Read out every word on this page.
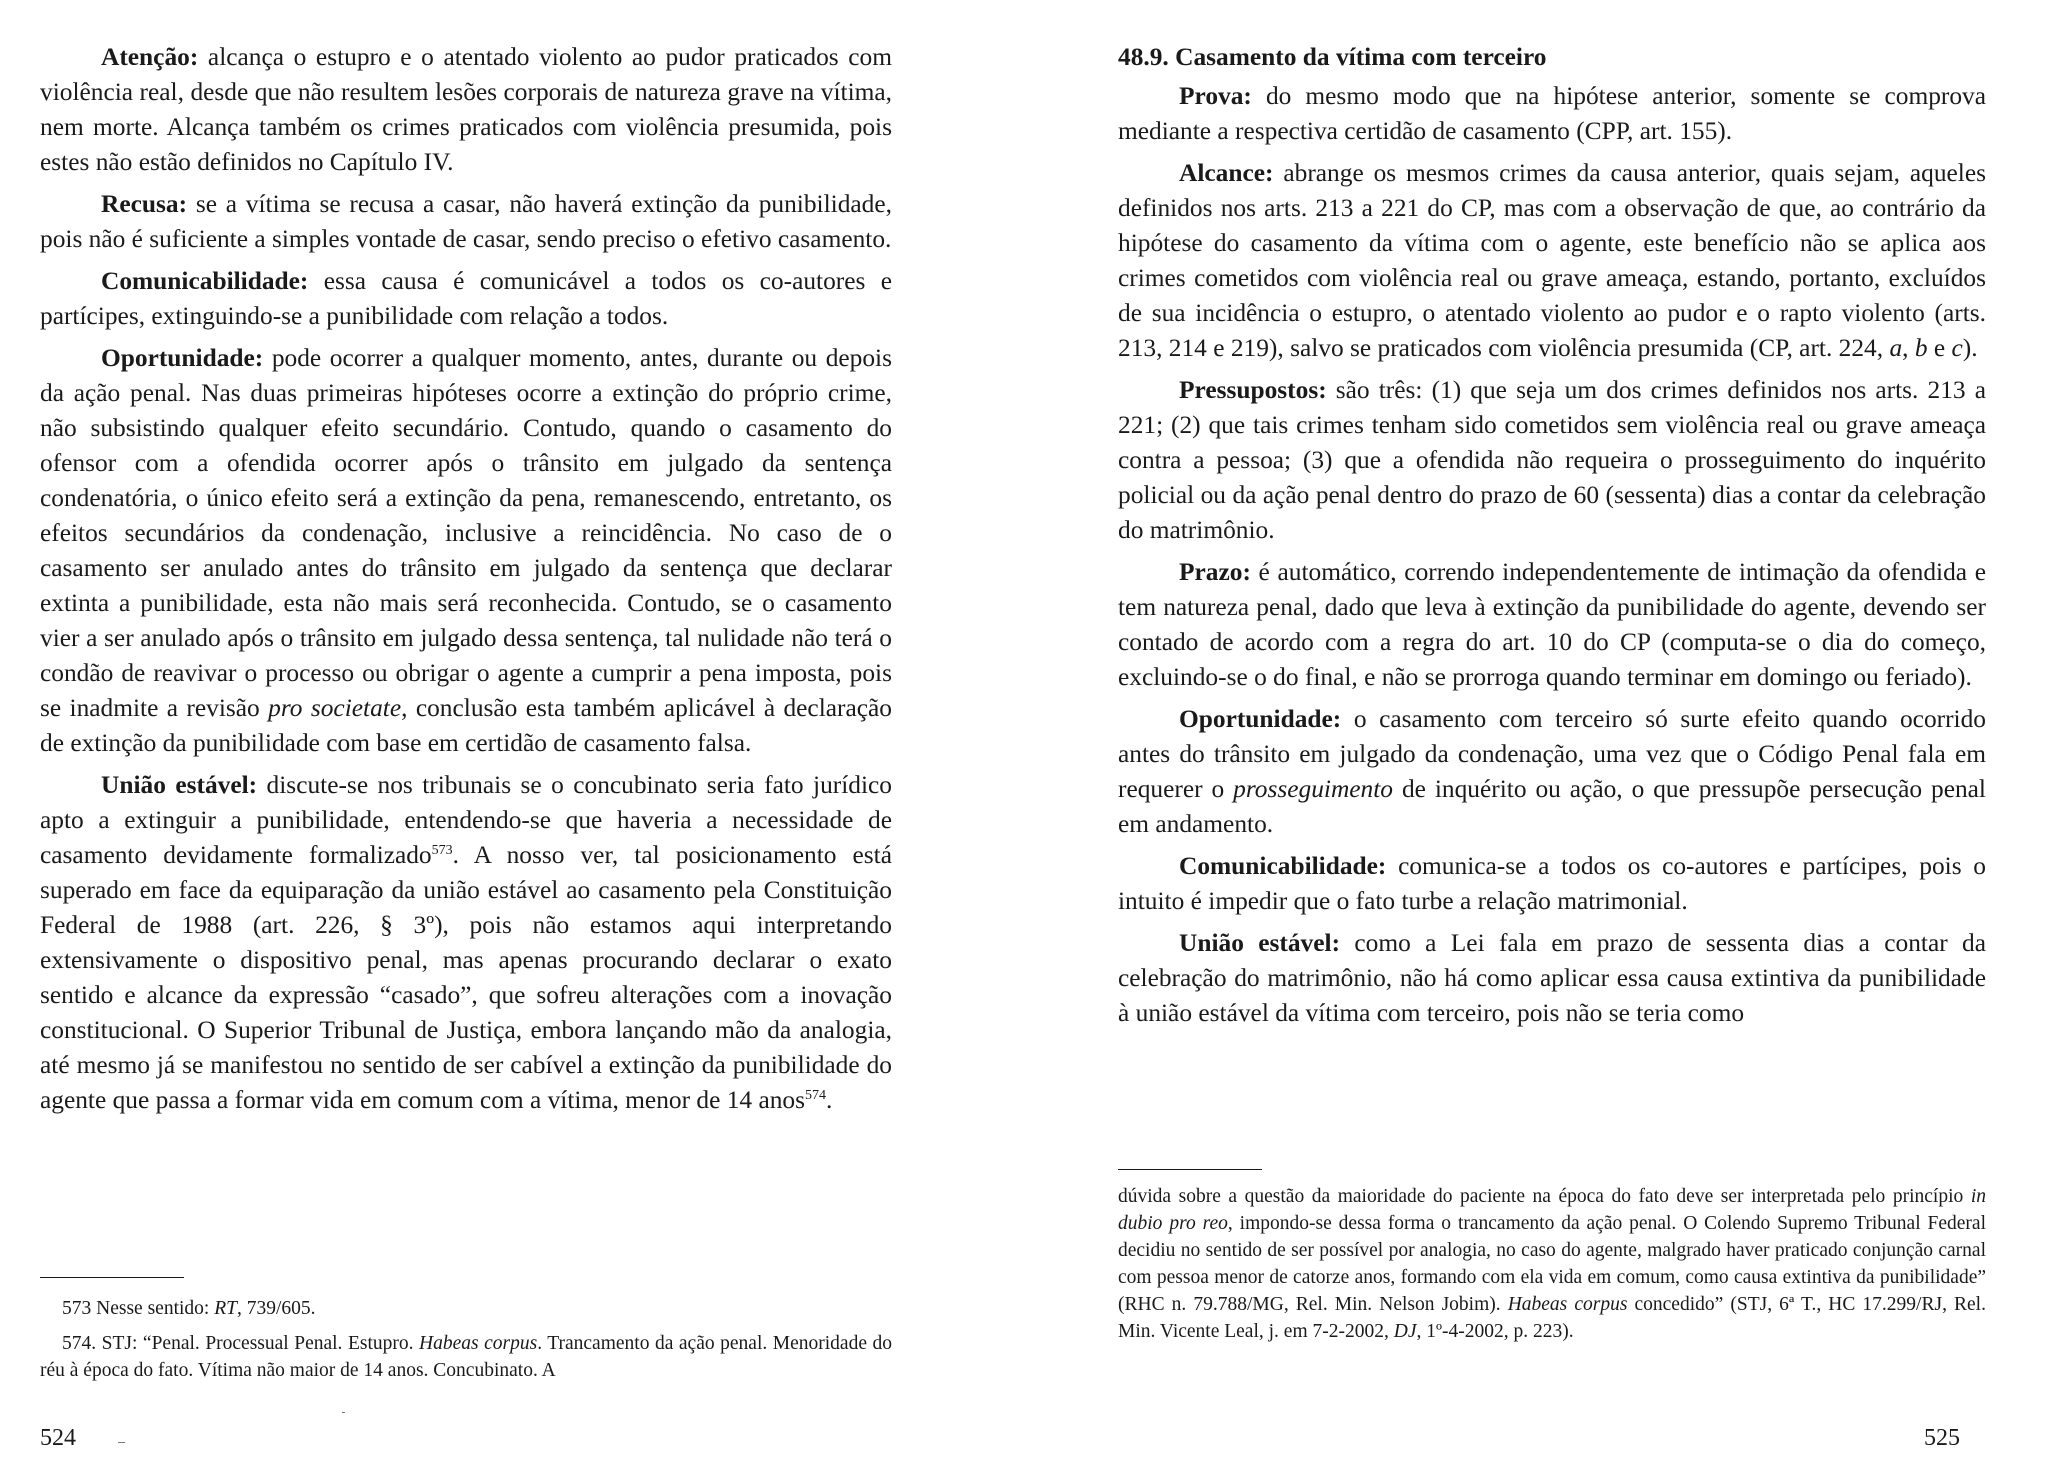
Atenção: alcança o estupro e o atentado violento ao pudor praticados com violência real, desde que não resultem lesões corporais de natureza grave na vítima, nem morte. Alcança também os crimes praticados com violência presumida, pois estes não estão definidos no Capítulo IV.

Recusa: se a vítima se recusa a casar, não haverá extinção da punibilidade, pois não é suficiente a simples vontade de casar, sendo preciso o efetivo casamento.

Comunicabilidade: essa causa é comunicável a todos os co-autores e partícipes, extinguindo-se a punibilidade com relação a todos.

Oportunidade: pode ocorrer a qualquer momento, antes, durante ou depois da ação penal. Nas duas primeiras hipóteses ocorre a extinção do próprio crime, não subsistindo qualquer efeito secundário. Contudo, quando o casamento do ofensor com a ofendida ocorrer após o trânsito em julgado da sentença condenatória, o único efeito será a extinção da pena, remanescendo, entretanto, os efeitos secundários da condenação, inclusive a reincidência. No caso de o casamento ser anulado antes do trânsito em julgado da sentença que declarar extinta a punibilidade, esta não mais será reconhecida. Contudo, se o casamento vier a ser anulado após o trânsito em julgado dessa sentença, tal nulidade não terá o condão de reavivar o processo ou obrigar o agente a cumprir a pena imposta, pois se inadmite a revisão pro societate, conclusão esta também aplicável à declaração de extinção da punibilidade com base em certidão de casamento falsa.

União estável: discute-se nos tribunais se o concubinato seria fato jurídico apto a extinguir a punibilidade, entendendo-se que haveria a necessidade de casamento devidamente formalizado$^{573}$. A nosso ver, tal posicionamento está superado em face da equiparação da união estável ao casamento pela Constituição Federal de 1988 (art. 226, § 3º), pois não estamos aqui interpretando extensivamente o dispositivo penal, mas apenas procurando declarar o exato sentido e alcance da expressão “casado”, que sofreu alterações com a inovação constitucional. O Superior Tribunal de Justiça, embora lançando mão da analogia, até mesmo já se manifestou no sentido de ser cabível a extinção da punibilidade do agente que passa a formar vida em comum com a vítima, menor de 14 anos$^{574}$.

573 Nesse sentido: RT, 739/605.

574. STJ: “Penal. Processual Penal. Estupro. Habeas corpus. Trancamento da ação penal. Menoridade do réu à época do fato. Vítima não maior de 14 anos. Concubinato. A

524
48.9. Casamento da vítima com terceiro

Prova: do mesmo modo que na hipótese anterior, somente se comprova mediante a respectiva certidão de casamento (CPP, art. 155).

Alcance: abrange os mesmos crimes da causa anterior, quais sejam, aqueles definidos nos arts. 213 a 221 do CP, mas com a observação de que, ao contrário da hipótese do casamento da vítima com o agente, este benefício não se aplica aos crimes cometidos com violência real ou grave ameaça, estando, portanto, excluídos de sua incidência o estupro, o atentado violento ao pudor e o rapto violento (arts. 213, 214 e 219), salvo se praticados com violência presumida (CP, art. 224, a, b e c).

Pressupostos: são três: (1) que seja um dos crimes definidos nos arts. 213 a 221; (2) que tais crimes tenham sido cometidos sem violência real ou grave ameaça contra a pessoa; (3) que a ofendida não requeira o prosseguimento do inquérito policial ou da ação penal dentro do prazo de 60 (sessenta) dias a contar da celebração do matrimônio.

Prazo: é automático, correndo independentemente de intimação da ofendida e tem natureza penal, dado que leva à extinção da punibilidade do agente, devendo ser contado de acordo com a regra do art. 10 do CP (computa-se o dia do começo, excluindo-se o do final, e não se prorroga quando terminar em domingo ou feriado).

Oportunidade: o casamento com terceiro só surte efeito quando ocorrido antes do trânsito em julgado da condenação, uma vez que o Código Penal fala em requerer o prosseguimento de inquérito ou ação, o que pressupõe persecução penal em andamento.

Comunicabilidade: comunica-se a todos os co-autores e partícipes, pois o intuito é impedir que o fato turbe a relação matrimonial.

União estável: como a Lei fala em prazo de sessenta dias a contar da celebração do matrimônio, não há como aplicar essa causa extintiva da punibilidade à união estável da vítima com terceiro, pois não se teria como

dúvida sobre a questão da maioridade do paciente na época do fato deve ser interpretada pelo princípio in dubio pro reo, impondo-se dessa forma o trancamento da ação penal. O Colendo Supremo Tribunal Federal decidiu no sentido de ser possível por analogia, no caso do agente, malgrado haver praticado conjunção carnal com pessoa menor de catorze anos, formando com ela vida em comum, como causa extintiva da punibilidade” (RHC n. 79.788/MG, Rel. Min. Nelson Jobim). Habeas corpus concedido” (STJ, 6ª T., HC 17.299/RJ, Rel. Min. Vicente Leal, j. em 7-2-2002, DJ, 1º-4-2002, p. 223).

525
